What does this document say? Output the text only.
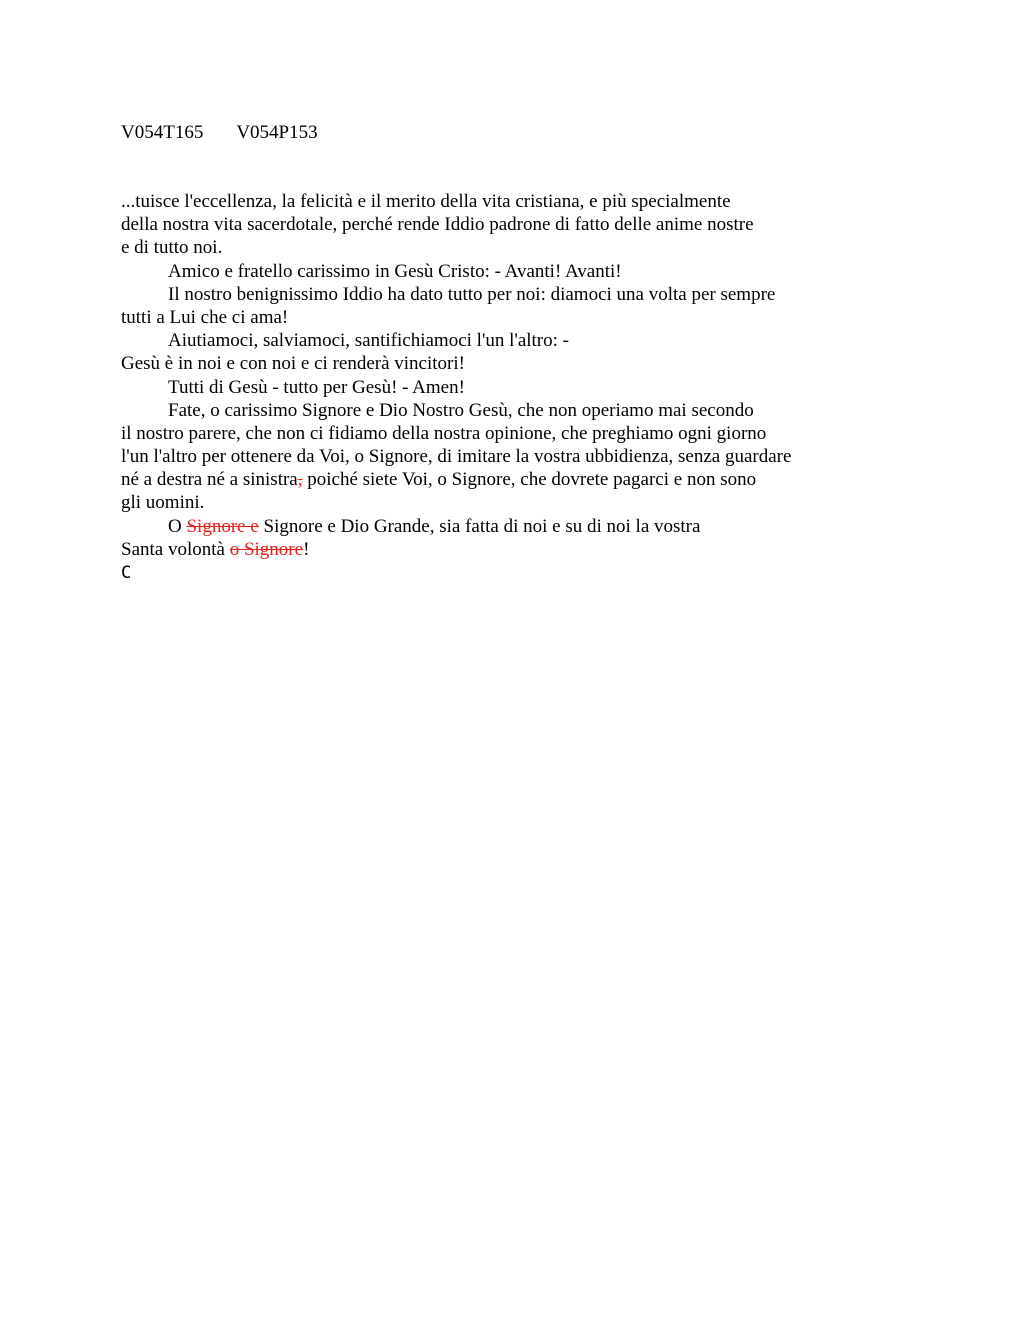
V054T165 V054P153
...tuisce l'eccellenza, la felicità e il merito della vita cristiana, e più specialmente
della nostra vita sacerdotale, perché rende Iddio padrone di fatto delle anime nostre
e di tutto noi.
Amico e fratello carissimo in Gesù Cristo: - Avanti! Avanti!
Il nostro benignissimo Iddio ha dato tutto per noi: diamoci una volta per sempre
tutti a Lui che ci ama!
Aiutiamoci, salviamoci, santifichiamoci l'un l'altro: -
Gesù è in noi e con noi e ci renderà vincitori!
Tutti di Gesù - tutto per Gesù! - Amen!
Fate, o carissimo Signore e Dio Nostro Gesù, che non operiamo mai secondo
il nostro parere, che non ci fidiamo della nostra opinione, che preghiamo ogni giorno
l'un l'altro per ottenere da Voi, o Signore, di imitare la vostra ubbidienza, senza guardare
né a destra né a sinistra, poiché siete Voi, o Signore, che dovrete pagarci e non sono
gli uomini.
O Signore e Signore e Dio Grande, sia fatta di noi e su di noi la vostra
Santa volontà o Signore!
C
